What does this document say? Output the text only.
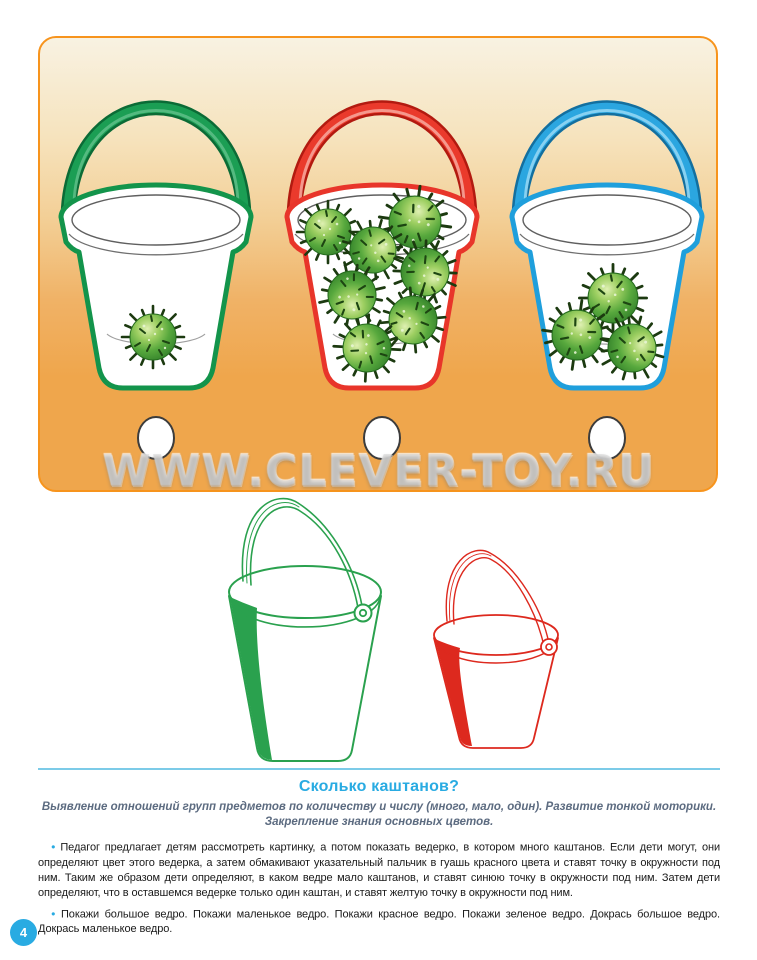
WWW.CLEVER-TOY.RU
Сколько каштанов?
Выявление отношений групп предметов по количеству и числу (много, мало, один). Развитие тонкой моторики.
Закрепление знания основных цветов.

● Педагог предлагает детям рассмотреть картинку, а потом показать ведерко, в котором много каштанов. Если дети могут, они определяют цвет этого ведерка, а затем обмакивают указательный пальчик в гуашь красного цвета и ставят точку в окружности под ним. Таким же образом дети определяют, в каком ведре мало каштанов, и ставят синюю точку в окружности под ним. Затем дети определяют, что в оставшемся ведерке только один каштан, и ставят желтую точку в окружности под ним.

● Покажи большое ведро. Покажи маленькое ведро. Покажи красное ведро. Покажи зеленое ведро. Докрась большое ведро. Докрась маленькое ведро.

4
